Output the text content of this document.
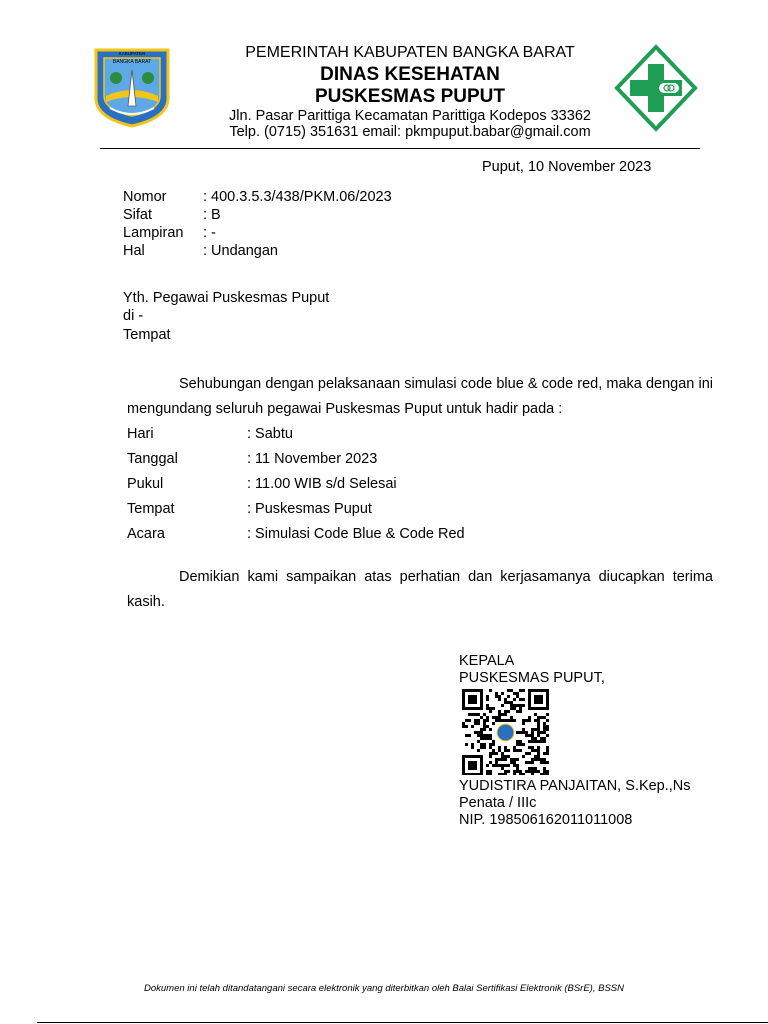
KABUPATEN
BANGKA BARAT
PEMERINTAH KABUPATEN BANGKA BARAT
DINAS KESEHATAN
PUSKESMAS PUPUT
Jln. Pasar Parittiga Kecamatan Parittiga Kodepos 33362
Telp. (0715) 351631 email: pkmpuput.babar@gmail.com
Puput, 10 November 2023
Nomor	: 400.3.5.3/438/PKM.06/2023
Sifat	: B
Lampiran : -
Hal	: Undangan
Yth. Pegawai Puskesmas Puput
di -
Tempat
Sehubungan dengan pelaksanaan simulasi code blue & code red, maka dengan ini mengundang seluruh pegawai Puskesmas Puput untuk hadir pada :
Hari	: Sabtu
Tanggal	: 11 November 2023
Pukul	: 11.00 WIB s/d Selesai
Tempat	: Puskesmas Puput
Acara	: Simulasi Code Blue & Code Red
Demikian kami sampaikan atas perhatian dan kerjasamanya diucapkan terima kasih.
KEPALA
PUSKESMAS PUPUT,
YUDISTIRA PANJAITAN, S.Kep.,Ns
Penata / IIIc
NIP. 198506162011011008
Dokumen ini telah ditandatangani secara elektronik yang diterbitkan oleh Balai Sertifikasi Elektronik (BSrE), BSSN
